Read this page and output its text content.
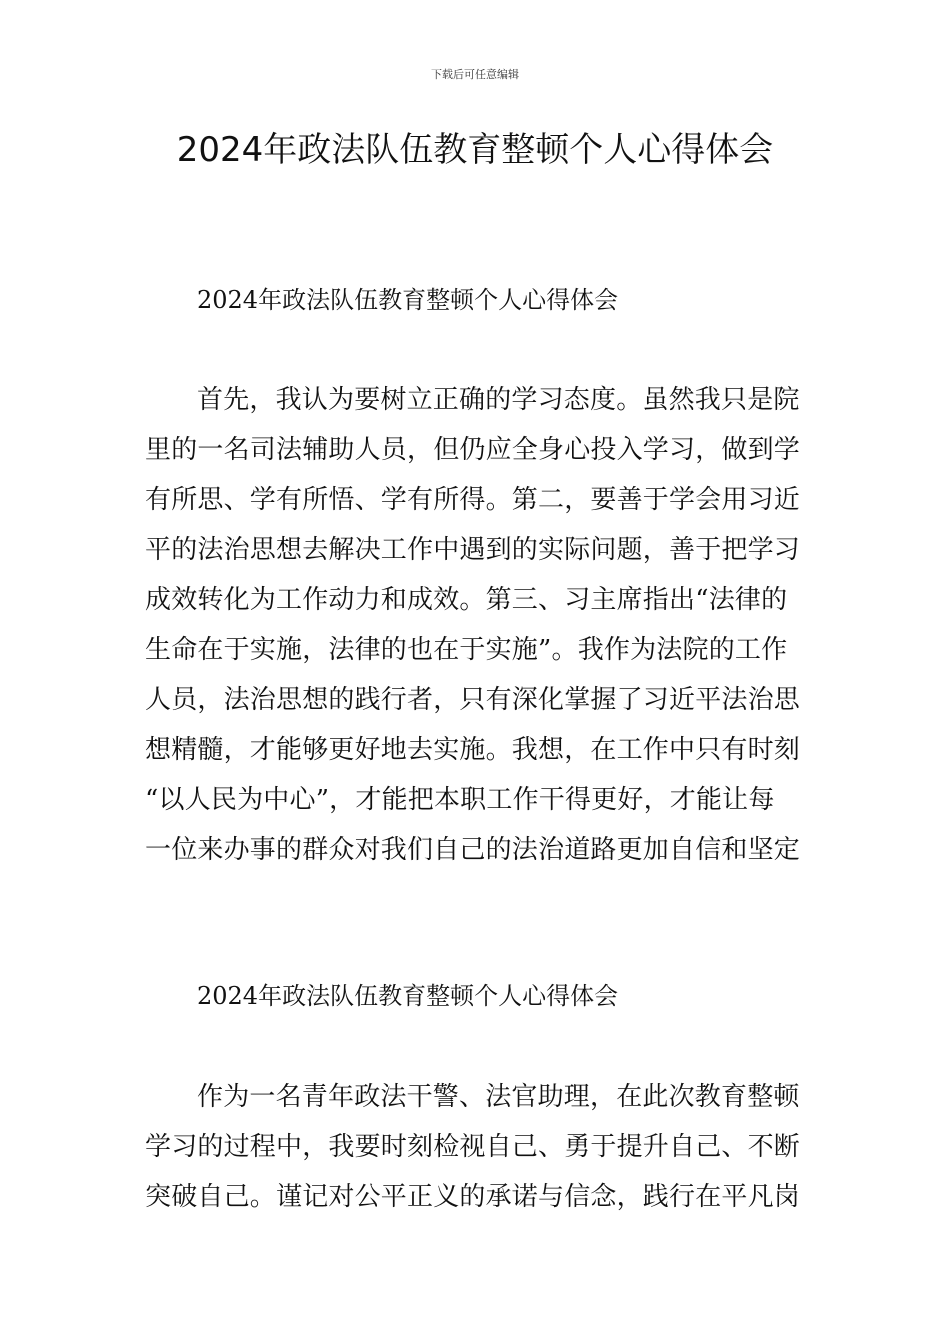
下载后可任意编辑
2024年政法队伍教育整顿个人心得体会
2024年政法队伍教育整顿个人心得体会
首先，我认为要树立正确的学习态度。虽然我只是院
里的一名司法辅助人员，但仍应全身心投入学习，做到学
有所思、学有所悟、学有所得。第二，要善于学会用习近
平的法治思想去解决工作中遇到的实际问题，善于把学习
成效转化为工作动力和成效。第三、习主席指出“法律的
生命在于实施，法律的也在于实施”。我作为法院的工作
人员，法治思想的践行者，只有深化掌握了习近平法治思
想精髓，才能够更好地去实施。我想，在工作中只有时刻
“以人民为中心”，才能把本职工作干得更好，才能让每
一位来办事的群众对我们自己的法治道路更加自信和坚定
2024年政法队伍教育整顿个人心得体会
作为一名青年政法干警、法官助理，在此次教育整顿
学习的过程中，我要时刻检视自己、勇于提升自己、不断
突破自己。谨记对公平正义的承诺与信念，践行在平凡岗
